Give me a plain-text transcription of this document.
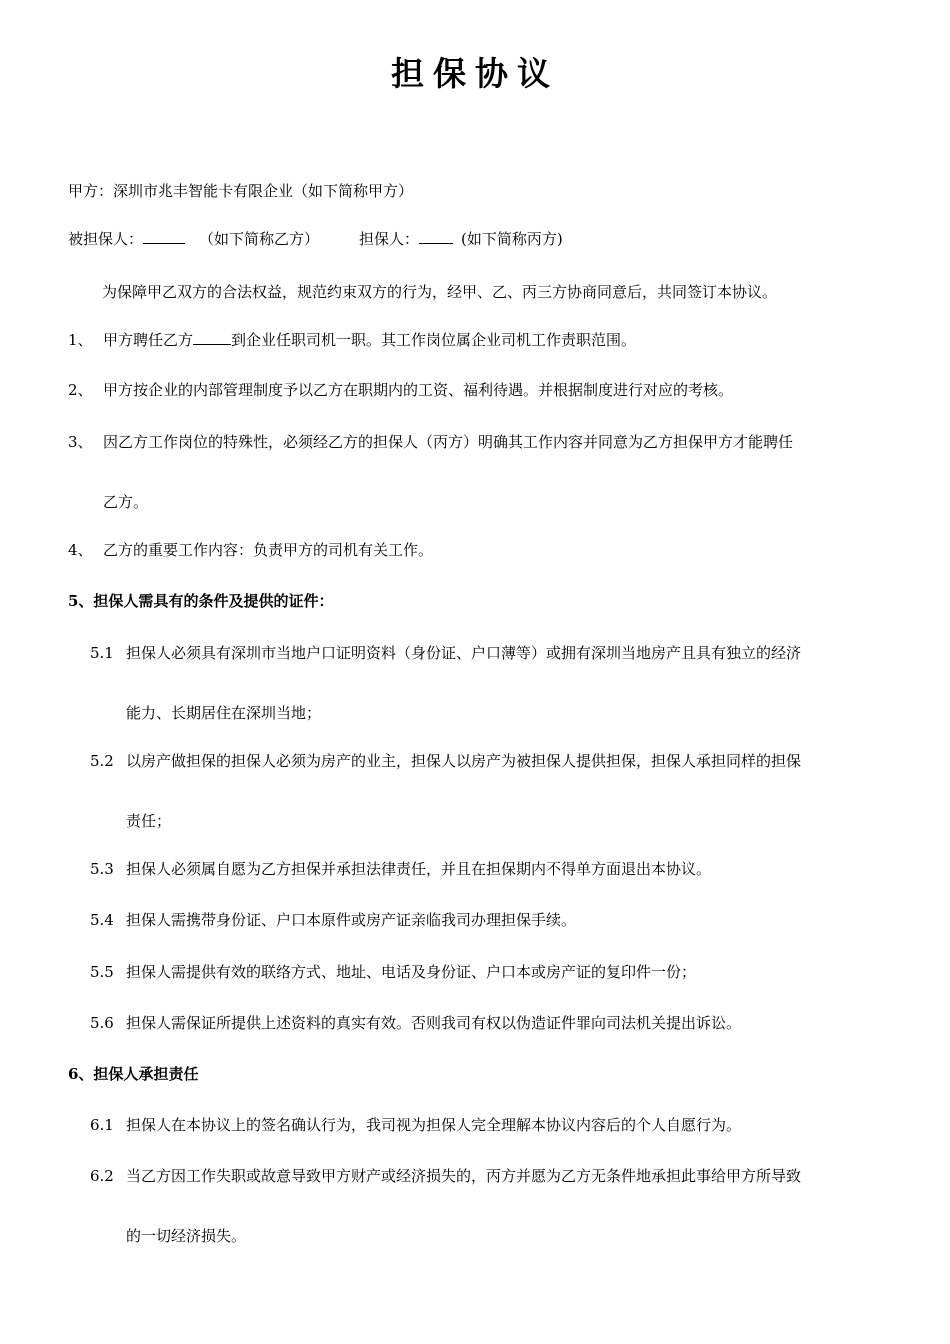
担保协议
甲方：深圳市兆丰智能卡有限企业（如下简称甲方）
被担保人：	（如下简称乙方）	担保人：	(如下简称丙方)
为保障甲乙双方的合法权益，规范约束双方的行为，经甲、乙、丙三方协商同意后，共同签订本协议。
1、 甲方聘任乙方	到企业任职司机一职。其工作岗位属企业司机工作责职范围。
2、 甲方按企业的内部管理制度予以乙方在职期内的工资、福利待遇。并根据制度进行对应的考核。
3、 因乙方工作岗位的特殊性，必须经乙方的担保人（丙方）明确其工作内容并同意为乙方担保甲方才能聘任
乙方。
4、 乙方的重要工作内容：负责甲方的司机有关工作。
5、担保人需具有的条件及提供的证件：
5.1 担保人必须具有深圳市当地户口证明资料（身份证、户口薄等）或拥有深圳当地房产且具有独立的经济
能力、长期居住在深圳当地；
5.2 以房产做担保的担保人必须为房产的业主，担保人以房产为被担保人提供担保，担保人承担同样的担保
责任；
5.3 担保人必须属自愿为乙方担保并承担法律责任，并且在担保期内不得单方面退出本协议。
5.4 担保人需携带身份证、户口本原件或房产证亲临我司办理担保手续。
5.5 担保人需提供有效的联络方式、地址、电话及身份证、户口本或房产证的复印件一份；
5.6 担保人需保证所提供上述资料的真实有效。否则我司有权以伪造证件罪向司法机关提出诉讼。
6、担保人承担责任
6.1 担保人在本协议上的签名确认行为，我司视为担保人完全理解本协议内容后的个人自愿行为。
6.2 当乙方因工作失职或故意导致甲方财产或经济损失的，丙方并愿为乙方无条件地承担此事给甲方所导致
的一切经济损失。
